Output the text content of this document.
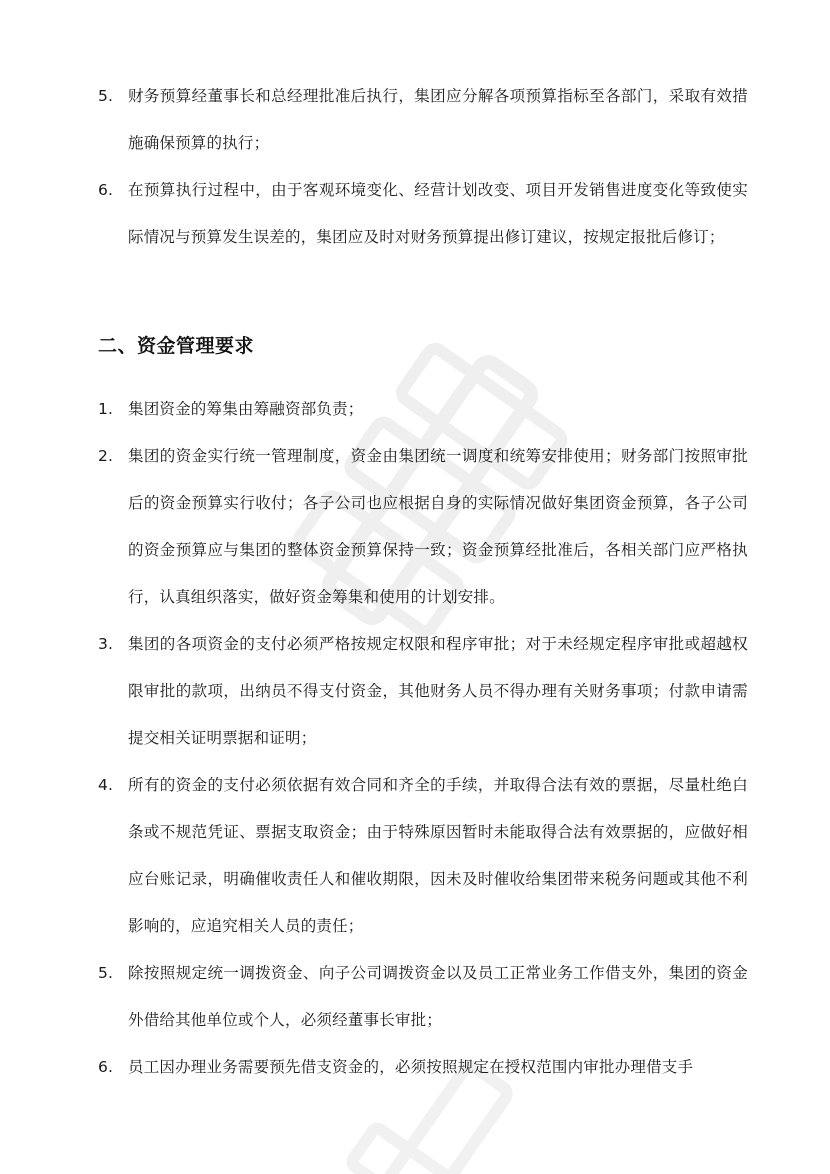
5. 财务预算经董事长和总经理批准后执行，集团应分解各项预算指标至各部门，采取有效措施确保预算的执行；
6. 在预算执行过程中，由于客观环境变化、经营计划改变、项目开发销售进度变化等致使实际情况与预算发生误差的，集团应及时对财务预算提出修订建议，按规定报批后修订；
二、资金管理要求
1. 集团资金的筹集由筹融资部负责；
2. 集团的资金实行统一管理制度，资金由集团统一调度和统筹安排使用；财务部门按照审批后的资金预算实行收付；各子公司也应根据自身的实际情况做好集团资金预算，各子公司的资金预算应与集团的整体资金预算保持一致；资金预算经批准后，各相关部门应严格执行，认真组织落实，做好资金筹集和使用的计划安排。
3. 集团的各项资金的支付必须严格按规定权限和程序审批；对于未经规定程序审批或超越权限审批的款项，出纳员不得支付资金，其他财务人员不得办理有关财务事项；付款申请需提交相关证明票据和证明；
4. 所有的资金的支付必须依据有效合同和齐全的手续，并取得合法有效的票据，尽量杜绝白条或不规范凭证、票据支取资金；由于特殊原因暂时未能取得合法有效票据的，应做好相应台账记录，明确催收责任人和催收期限，因未及时催收给集团带来税务问题或其他不利影响的，应追究相关人员的责任；
5. 除按照规定统一调拨资金、向子公司调拨资金以及员工正常业务工作借支外，集团的资金外借给其他单位或个人，必须经董事长审批；
6. 员工因办理业务需要预先借支资金的，必须按照规定在授权范围内审批办理借支手
